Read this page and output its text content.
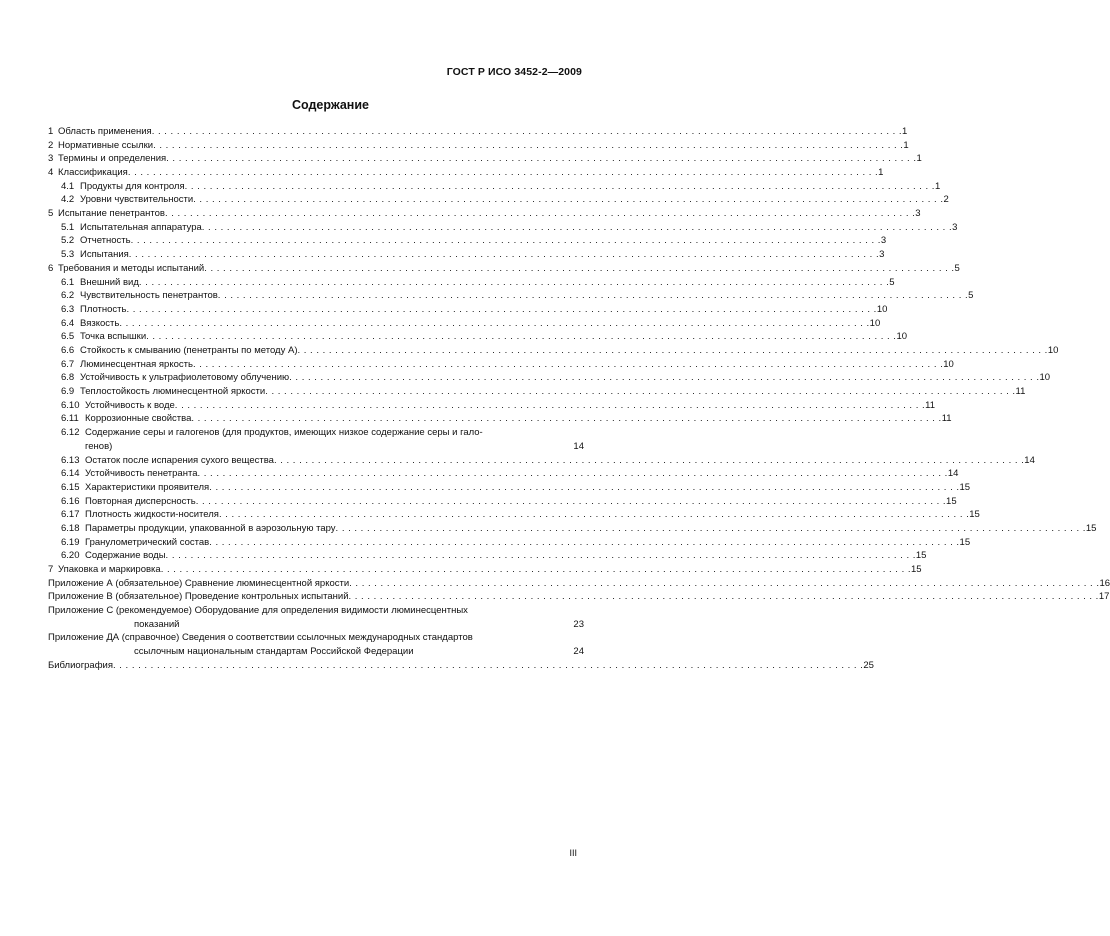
ГОСТ Р ИСО 3452-2—2009
Содержание
1 Область применения . . .	1
2 Нормативные ссылки . . .	1
3 Термины и определения . . .	1
4 Классификация . . .	1
4.1 Продукты для контроля . . .	1
4.2 Уровни чувствительности . . .	2
5 Испытание пенетрантов . . .	3
5.1 Испытательная аппаратура . . .	3
5.2 Отчетность . . .	3
5.3 Испытания . . .	3
6 Требования и методы испытаний . . .	5
6.1 Внешний вид . . .	5
6.2 Чувствительность пенетрантов . . .	5
6.3 Плотность . . .	10
6.4 Вязкость . . .	10
6.5 Точка вспышки . . .	10
6.6 Стойкость к смыванию (пенетранты по методу А) . . .	10
6.7 Люминесцентная яркость . . .	10
6.8 Устойчивость к ультрафиолетовому облучению . . .	10
6.9 Теплостойкость люминесцентной яркости . . .	11
6.10 Устойчивость к воде . . .	11
6.11 Коррозионные свойства . . .	11
6.12 Содержание серы и галогенов (для продуктов, имеющих низкое содержание серы и гало-
генов)	14
6.13 Остаток после испарения сухого вещества . . .	14
6.14 Устойчивость пенетранта . . .	14
6.15 Характеристики проявителя . . .	15
6.16 Повторная дисперсность . . .	15
6.17 Плотность жидкости-носителя . . .	15
6.18 Параметры продукции, упакованной в аэрозольную тару . . .	15
6.19 Гранулометрический состав . . .	15
6.20 Содержание воды . . .	15
7 Упаковка и маркировка . . .	15
Приложение А (обязательное) Сравнение люминесцентной яркости . . .	16
Приложение В (обязательное) Проведение контрольных испытаний . . .	17
Приложение С (рекомендуемое) Оборудование для определения видимости люминесцентных
показаний	23
Приложение ДА (справочное) Сведения о соответствии ссылочных международных стандартов
ссылочным национальным стандартам Российской Федерации	24
Библиография . . .	25
III
